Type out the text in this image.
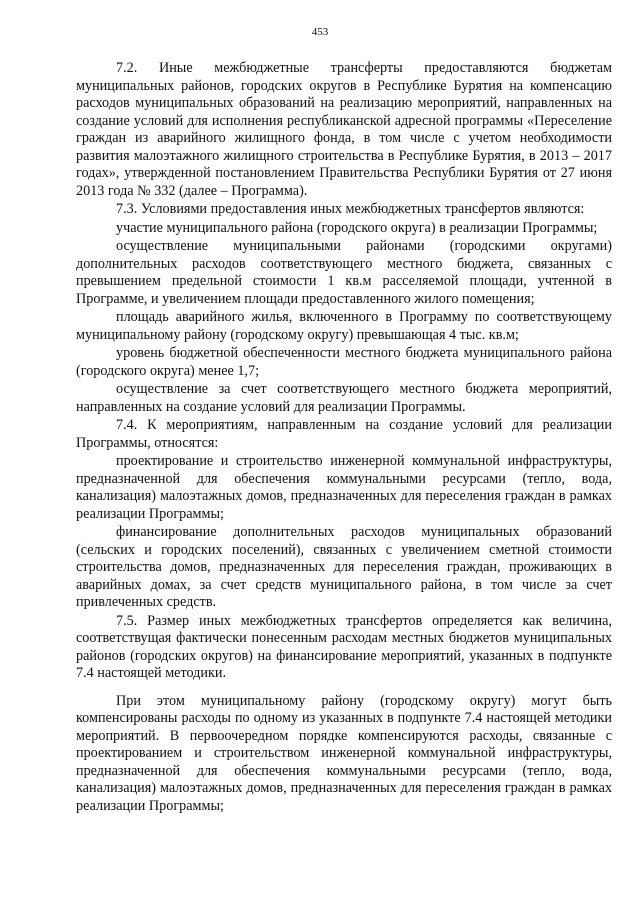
453

7.2. Иные межбюджетные трансферты предоставляются бюджетам муниципальных районов, городских округов в Республике Бурятия на компенсацию расходов муниципальных образований на реализацию мероприятий, направленных на создание условий для исполнения республиканской адресной программы «Переселение граждан из аварийного жилищного фонда, в том числе с учетом необходимости развития малоэтажного жилищного строительства в Республике Бурятия, в 2013 – 2017 годах», утвержденной постановлением Правительства Республики Бурятия от 27 июня 2013 года № 332 (далее – Программа).

7.3. Условиями предоставления иных межбюджетных трансфертов являются:

участие муниципального района (городского округа) в реализации Программы;

осуществление муниципальными районами (городскими округами) дополнительных расходов соответствующего местного бюджета, связанных с превышением предельной стоимости 1 кв.м расселяемой площади, учтенной в Программе, и увеличением площади предоставленного жилого помещения;

площадь аварийного жилья, включенного в Программу по соответствующему муниципальному району (городскому округу) превышающая 4 тыс. кв.м;

уровень бюджетной обеспеченности местного бюджета муниципального района (городского округа) менее 1,7;

осуществление за счет соответствующего местного бюджета мероприятий, направленных на создание условий для реализации Программы.

7.4. К мероприятиям, направленным на создание условий для реализации Программы, относятся:

проектирование и строительство инженерной коммунальной инфраструктуры, предназначенной для обеспечения коммунальными ресурсами (тепло, вода, канализация) малоэтажных домов, предназначенных для переселения граждан в рамках реализации Программы;

финансирование дополнительных расходов муниципальных образований (сельских и городских поселений), связанных с увеличением сметной стоимости строительства домов, предназначенных для переселения граждан, проживающих в аварийных домах, за счет средств муниципального района, в том числе за счет привлеченных средств.

7.5. Размер иных межбюджетных трансфертов определяется как величина, соответствущая фактически понесенным расходам местных бюджетов муниципальных районов (городских округов) на финансирование мероприятий, указанных в подпункте 7.4 настоящей методики.

При этом муниципальному району (городскому округу) могут быть компенсированы расходы по одному из указанных в подпункте 7.4 настоящей методики мероприятий. В первоочередном порядке компенсируются расходы, связанные с проектированием и строительством инженерной коммунальной инфраструктуры, предназначенной для обеспечения коммунальными ресурсами (тепло, вода, канализация) малоэтажных домов, предназначенных для переселения граждан в рамках реализации Программы;
